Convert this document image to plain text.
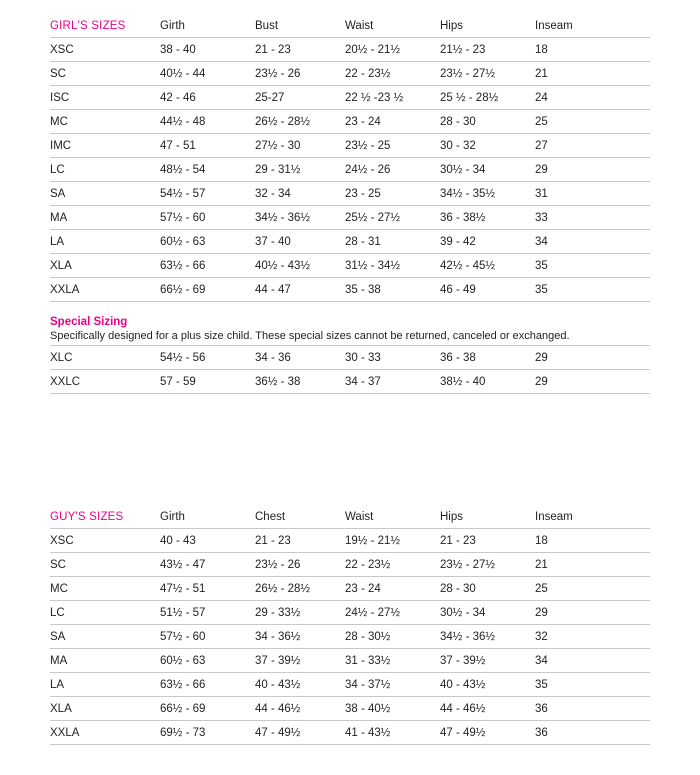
GIRL'S SIZES	Girth	Bust	Waist	Hips	Inseam
XSC	38 - 40	21 - 23	20½ - 21½	21½ - 23	18
SC	40½ - 44	23½ - 26	22 - 23½	23½ - 27½	21
ISC	42 - 46	25-27	22 ½ -23 ½	25 ½ - 28½	24
MC	44½ - 48	26½ - 28½	23 - 24	28 - 30	25
IMC	47 - 51	27½ - 30	23½ - 25	30 - 32	27
LC	48½ - 54	29 - 31½	24½ - 26	30½ - 34	29
SA	54½ - 57	32 - 34	23 - 25	34½ - 35½	31
MA	57½ - 60	34½ - 36½	25½ - 27½	36 - 38½	33
LA	60½ - 63	37 - 40	28 - 31	39 - 42	34
XLA	63½ - 66	40½ - 43½	31½ - 34½	42½ - 45½	35
XXLA	66½ - 69	44 - 47	35 - 38	46 - 49	35
Special Sizing
Specifically designed for a plus size child. These special sizes cannot be returned, canceled or exchanged.
XLC	54½ - 56	34 - 36	30 - 33	36 - 38	29
XXLC	57 - 59	36½ - 38	34 - 37	38½ - 40	29
GUY'S SIZES	Girth	Chest	Waist	Hips	Inseam
XSC	40 - 43	21 - 23	19½ - 21½	21 - 23	18
SC	43½ - 47	23½ - 26	22 - 23½	23½ - 27½	21
MC	47½ - 51	26½ - 28½	23 - 24	28 - 30	25
LC	51½ - 57	29 - 33½	24½ - 27½	30½ - 34	29
SA	57½ - 60	34 - 36½	28 - 30½	34½ - 36½	32
MA	60½ - 63	37 - 39½	31 - 33½	37 - 39½	34
LA	63½ - 66	40 - 43½	34 - 37½	40 - 43½	35
XLA	66½ - 69	44 - 46½	38 - 40½	44 - 46½	36
XXLA	69½ - 73	47 - 49½	41 - 43½	47 - 49½	36
